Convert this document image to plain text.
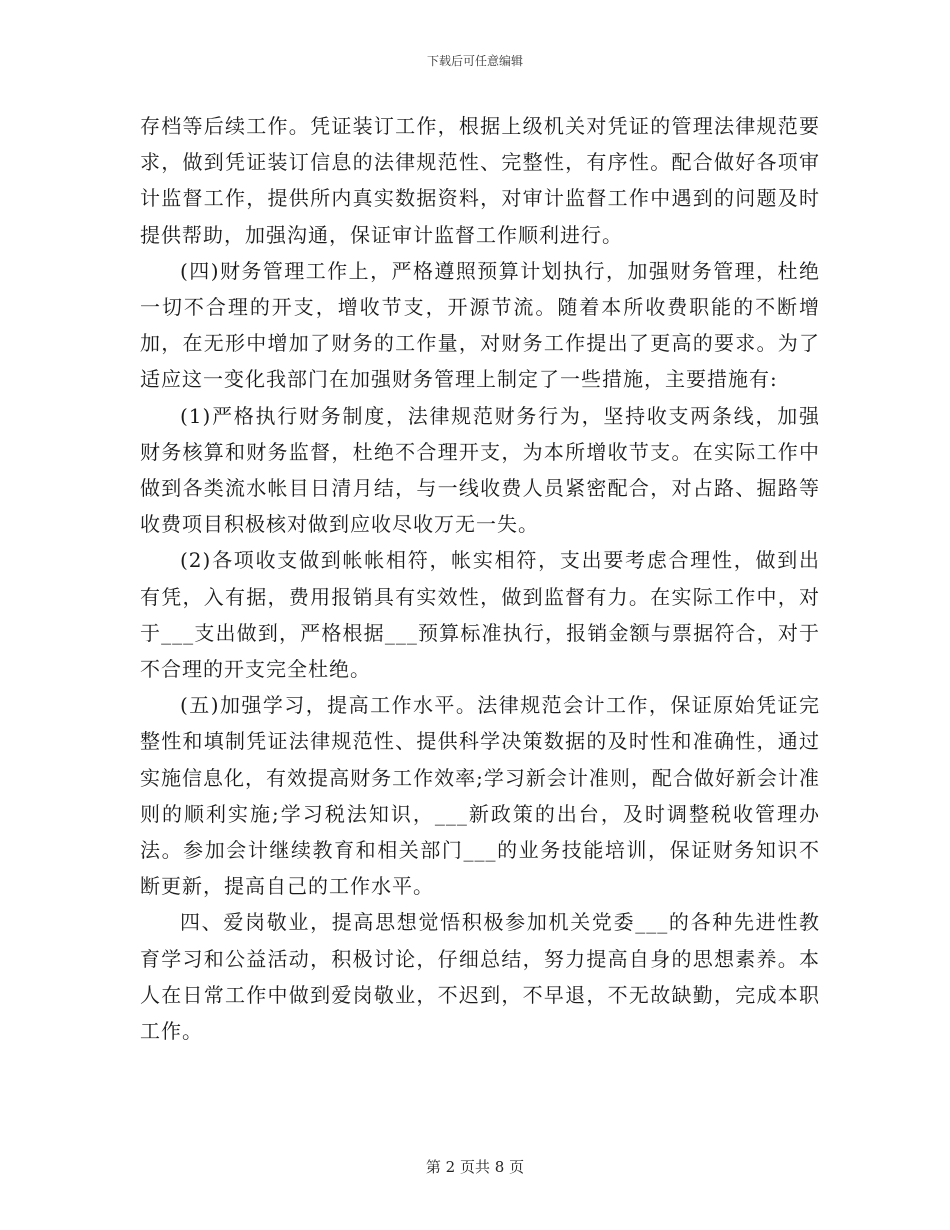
下载后可任意编辑

存档等后续工作。凭证装订工作，根据上级机关对凭证的管理法律规范要求，做到凭证装订信息的法律规范性、完整性，有序性。配合做好各项审计监督工作，提供所内真实数据资料，对审计监督工作中遇到的问题及时提供帮助，加强沟通，保证审计监督工作顺利进行。

(四)财务管理工作上，严格遵照预算计划执行，加强财务管理，杜绝一切不合理的开支，增收节支，开源节流。随着本所收费职能的不断增加，在无形中增加了财务的工作量，对财务工作提出了更高的要求。为了适应这一变化我部门在加强财务管理上制定了一些措施，主要措施有:

(1)严格执行财务制度，法律规范财务行为，坚持收支两条线，加强财务核算和财务监督，杜绝不合理开支，为本所增收节支。在实际工作中做到各类流水帐目日清月结，与一线收费人员紧密配合，对占路、掘路等收费项目积极核对做到应收尽收万无一失。

(2)各项收支做到帐帐相符，帐实相符，支出要考虑合理性，做到出有凭，入有据，费用报销具有实效性，做到监督有力。在实际工作中，对于___支出做到，严格根据___预算标准执行，报销金额与票据符合，对于不合理的开支完全杜绝。

(五)加强学习，提高工作水平。法律规范会计工作，保证原始凭证完整性和填制凭证法律规范性、提供科学决策数据的及时性和准确性，通过实施信息化，有效提高财务工作效率;学习新会计准则，配合做好新会计准则的顺利实施;学习税法知识，___新政策的出台，及时调整税收管理办法。参加会计继续教育和相关部门___的业务技能培训，保证财务知识不断更新，提高自己的工作水平。

四、爱岗敬业，提高思想觉悟积极参加机关党委___的各种先进性教育学习和公益活动，积极讨论，仔细总结，努力提高自身的思想素养。本人在日常工作中做到爱岗敬业，不迟到，不早退，不无故缺勤，完成本职工作。

第 2 页共 8 页
